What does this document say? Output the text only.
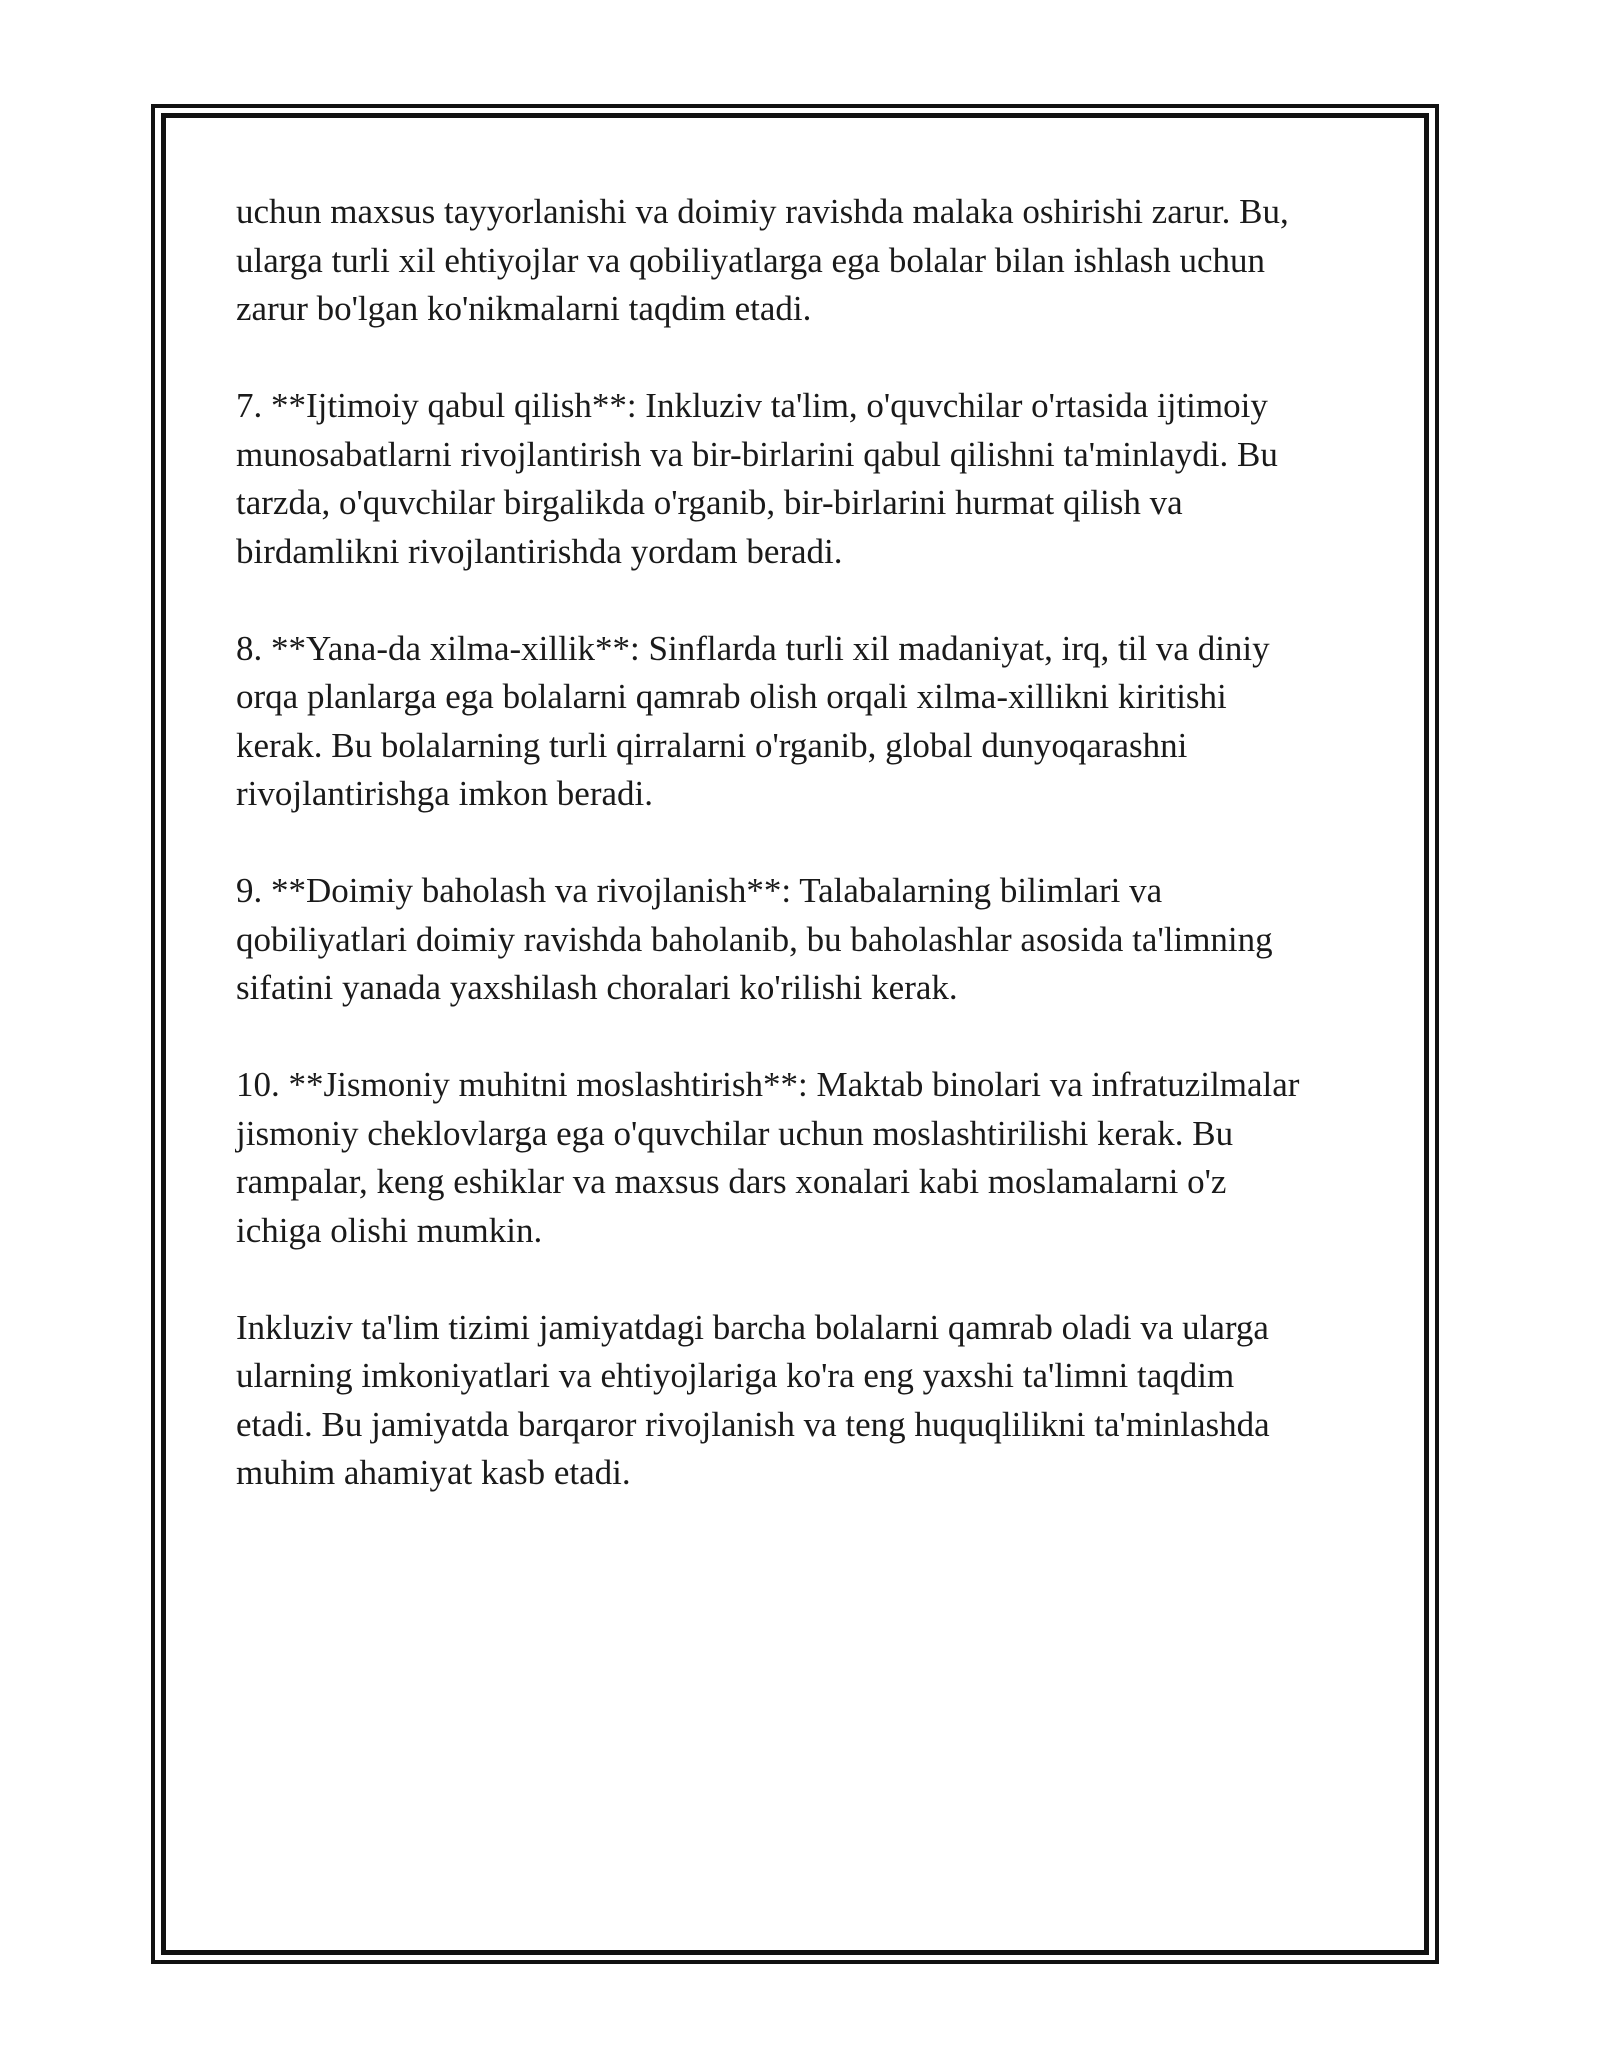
uchun maxsus tayyorlanishi va doimiy ravishda malaka oshirishi zarur. Bu,
ularga turli xil ehtiyojlar va qobiliyatlarga ega bolalar bilan ishlash uchun
zarur bo'lgan ko'nikmalarni taqdim etadi.

7. **Ijtimoiy qabul qilish**: Inkluziv ta'lim, o'quvchilar o'rtasida ijtimoiy
munosabatlarni rivojlantirish va bir-birlarini qabul qilishni ta'minlaydi. Bu
tarzda, o'quvchilar birgalikda o'rganib, bir-birlarini hurmat qilish va
birdamlikni rivojlantirishda yordam beradi.

8. **Yana-da xilma-xillik**: Sinflarda turli xil madaniyat, irq, til va diniy
orqa planlarga ega bolalarni qamrab olish orqali xilma-xillikni kiritishi
kerak. Bu bolalarning turli qirralarni o'rganib, global dunyoqarashni
rivojlantirishga imkon beradi.

9. **Doimiy baholash va rivojlanish**: Talabalarning bilimlari va
qobiliyatlari doimiy ravishda baholanib, bu baholashlar asosida ta'limning
sifatini yanada yaxshilash choralari ko'rilishi kerak.

10. **Jismoniy muhitni moslashtirish**: Maktab binolari va infratuzilmalar
jismoniy cheklovlarga ega o'quvchilar uchun moslashtirilishi kerak. Bu
rampalar, keng eshiklar va maxsus dars xonalari kabi moslamalarni o'z
ichiga olishi mumkin.

Inkluziv ta'lim tizimi jamiyatdagi barcha bolalarni qamrab oladi va ularga
ularning imkoniyatlari va ehtiyojlariga ko'ra eng yaxshi ta'limni taqdim
etadi. Bu jamiyatda barqaror rivojlanish va teng huquqlilikni ta'minlashda
muhim ahamiyat kasb etadi.
